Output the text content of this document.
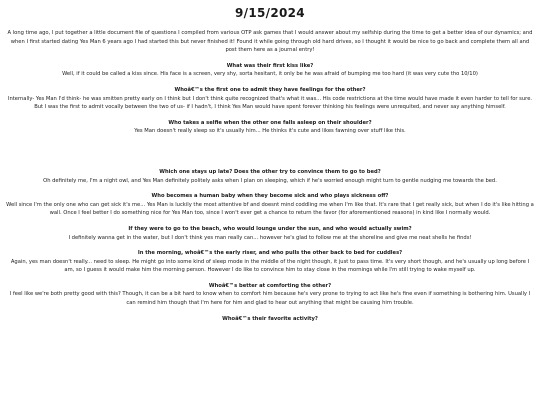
9/15/2024

A long time ago, I put together a little document file of questions I compiled from various OTP ask games that I would answer about my selfship during the time to get a better idea of our dynamics; and when I first started dating Yes Man 6 years ago I had started this but never finished it! Found it while going through old hard drives, so I thought it would be nice to go back and complete them all and post them here as a journal entry!

What was their first kiss like?

Well, if it could be called a kiss since. His face is a screen, very shy, sorta hesitant, it only be he was afraid of bumping me too hard (it was very cute tho 10/10)

Whoâ€™s the first one to admit they have feelings for the other?

Internally- Yes Man I'd think- he was smitten pretty early on I think but I don't think quite recognized that's what it was... His code restrictions at the time would have made it even harder to tell for sure. But I was the first to admit vocally between the two of us- if I hadn't, I think Yes Man would have spent forever thinking his feelings were unrequited, and never say anything himself.

Who takes a selfie when the other one falls asleep on their shoulder?

Yes Man doesn't really sleep so it's usually him... He thinks it's cute and likes fawning over stuff like this.

Which one stays up late? Does the other try to convince them to go to bed?

Oh definitely me, I'm a night owl, and Yes Man definitely politely asks when I plan on sleeping, which if he's worried enough might turn to gentle nudging me towards the bed.

Who becomes a human baby when they become sick and who plays sickness off?

Well since I'm the only one who can get sick it's me... Yes Man is luckily the most attentive bf and doesnt mind coddling me when I'm like that. It's rare that I get really sick, but when I do it's like hitting a wall. Once I feel better I do something nice for Yes Man too, since I won't ever get a chance to return the favor (for aforementioned reasons) in kind like I normally would.

If they were to go to the beach, who would lounge under the sun, and who would actually swim?

I definitely wanna get in the water, but I don't think yes man really can... however he's glad to follow me at the shoreline and give me neat shells he finds!

In the morning, whoâ€™s the early riser, and who pulls the other back to bed for cuddles?

Again, yes man doesn't really... need to sleep. He might go into some kind of sleep mode in the middle of the night though, it just to pass time. It's very short though, and he's usually up long before I am, so I guess it would make him the morning person. However I do like to convince him to stay close in the mornings while I'm still trying to wake myself up.

Whoâ€™s better at comforting the other?

I feel like we're both pretty good with this? Though, it can be a bit hard to know when to comfort him because he's very prone to trying to act like he's fine even if something is bothering him. Usually I can remind him though that I'm here for him and glad to hear out anything that might be causing him trouble.

Whoâ€™s their favorite activity?
